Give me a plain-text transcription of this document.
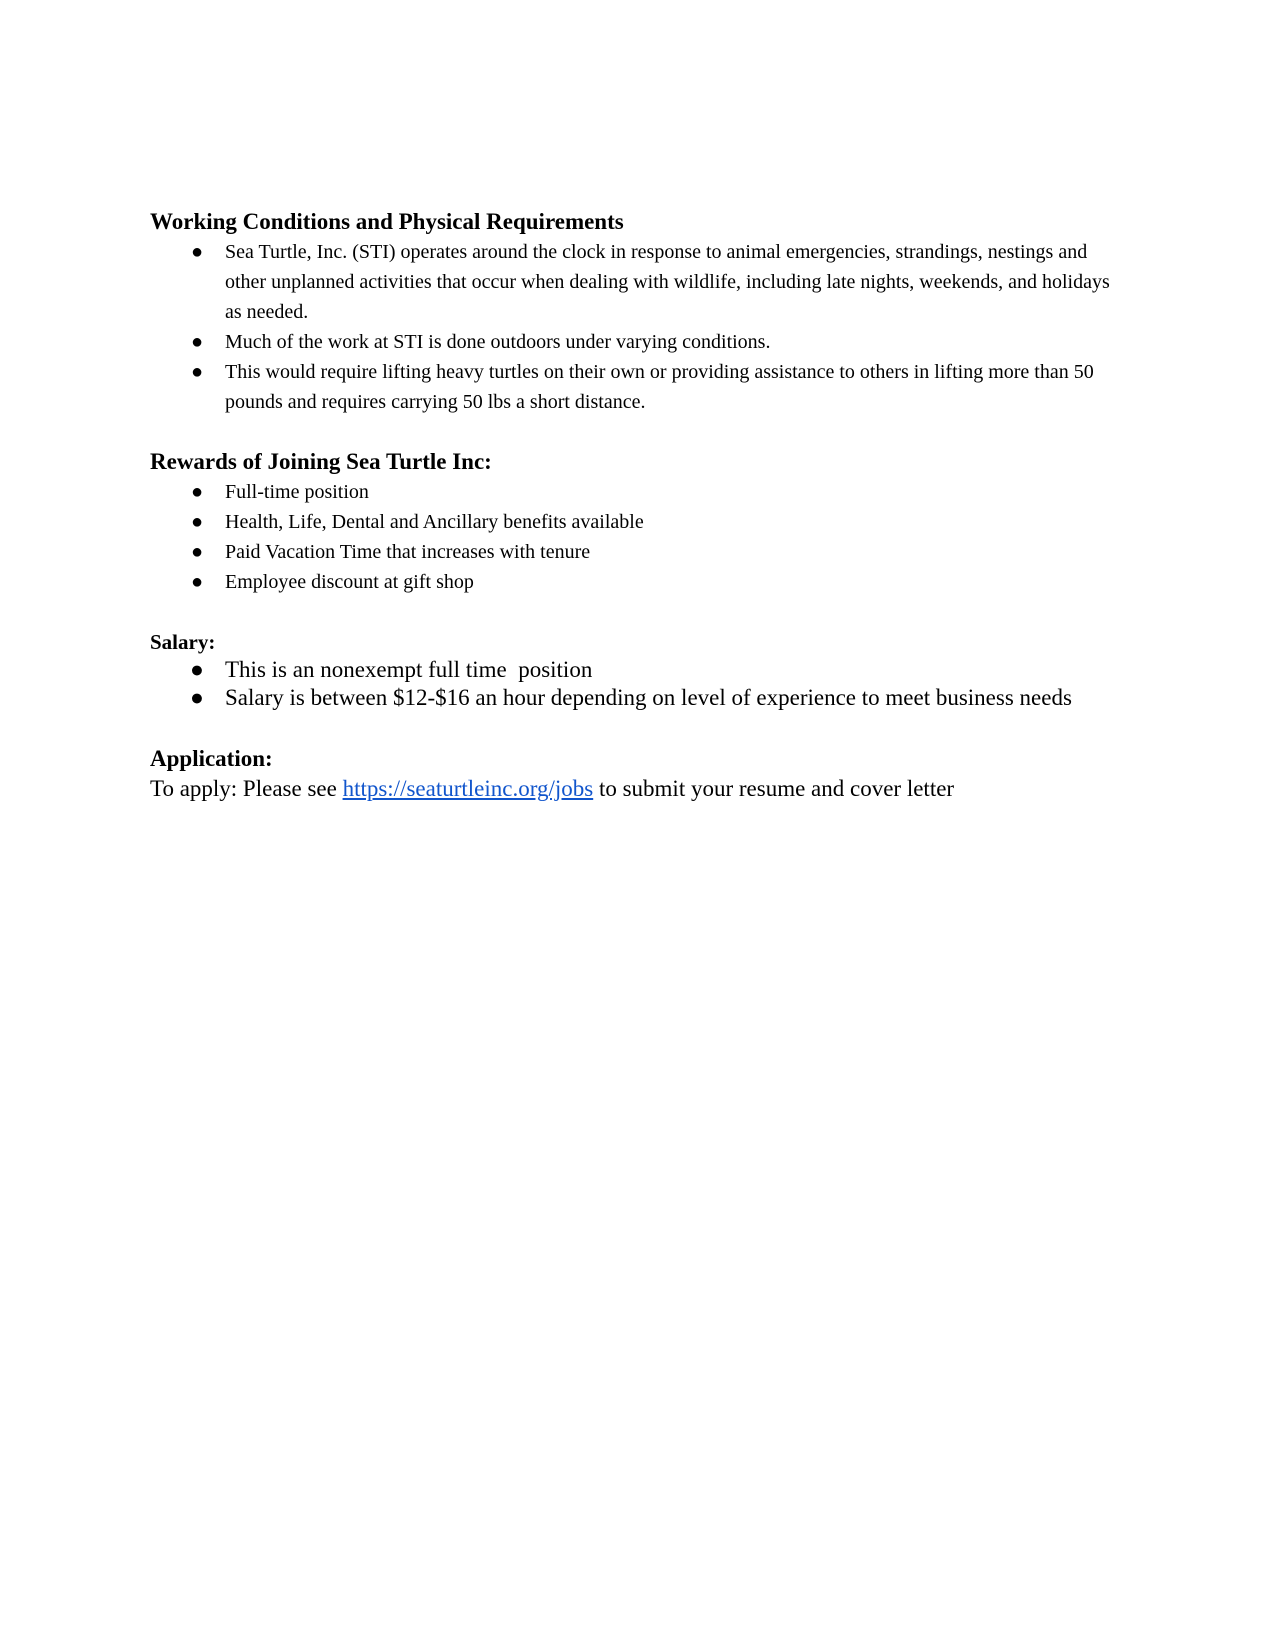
Working Conditions and Physical Requirements
● Sea Turtle, Inc. (STI) operates around the clock in response to animal emergencies, strandings, nestings and other unplanned activities that occur when dealing with wildlife, including late nights, weekends, and holidays as needed.
● Much of the work at STI is done outdoors under varying conditions.
● This would require lifting heavy turtles on their own or providing assistance to others in lifting more than 50 pounds and requires carrying 50 lbs a short distance.
Rewards of Joining Sea Turtle Inc:
● Full-time position
● Health, Life, Dental and Ancillary benefits available
● Paid Vacation Time that increases with tenure
● Employee discount at gift shop
Salary:
● This is an nonexempt full time  position
● Salary is between $12-$16 an hour depending on level of experience to meet business needs
Application:

To apply: Please see https://seaturtleinc.org/jobs to submit your resume and cover letter
